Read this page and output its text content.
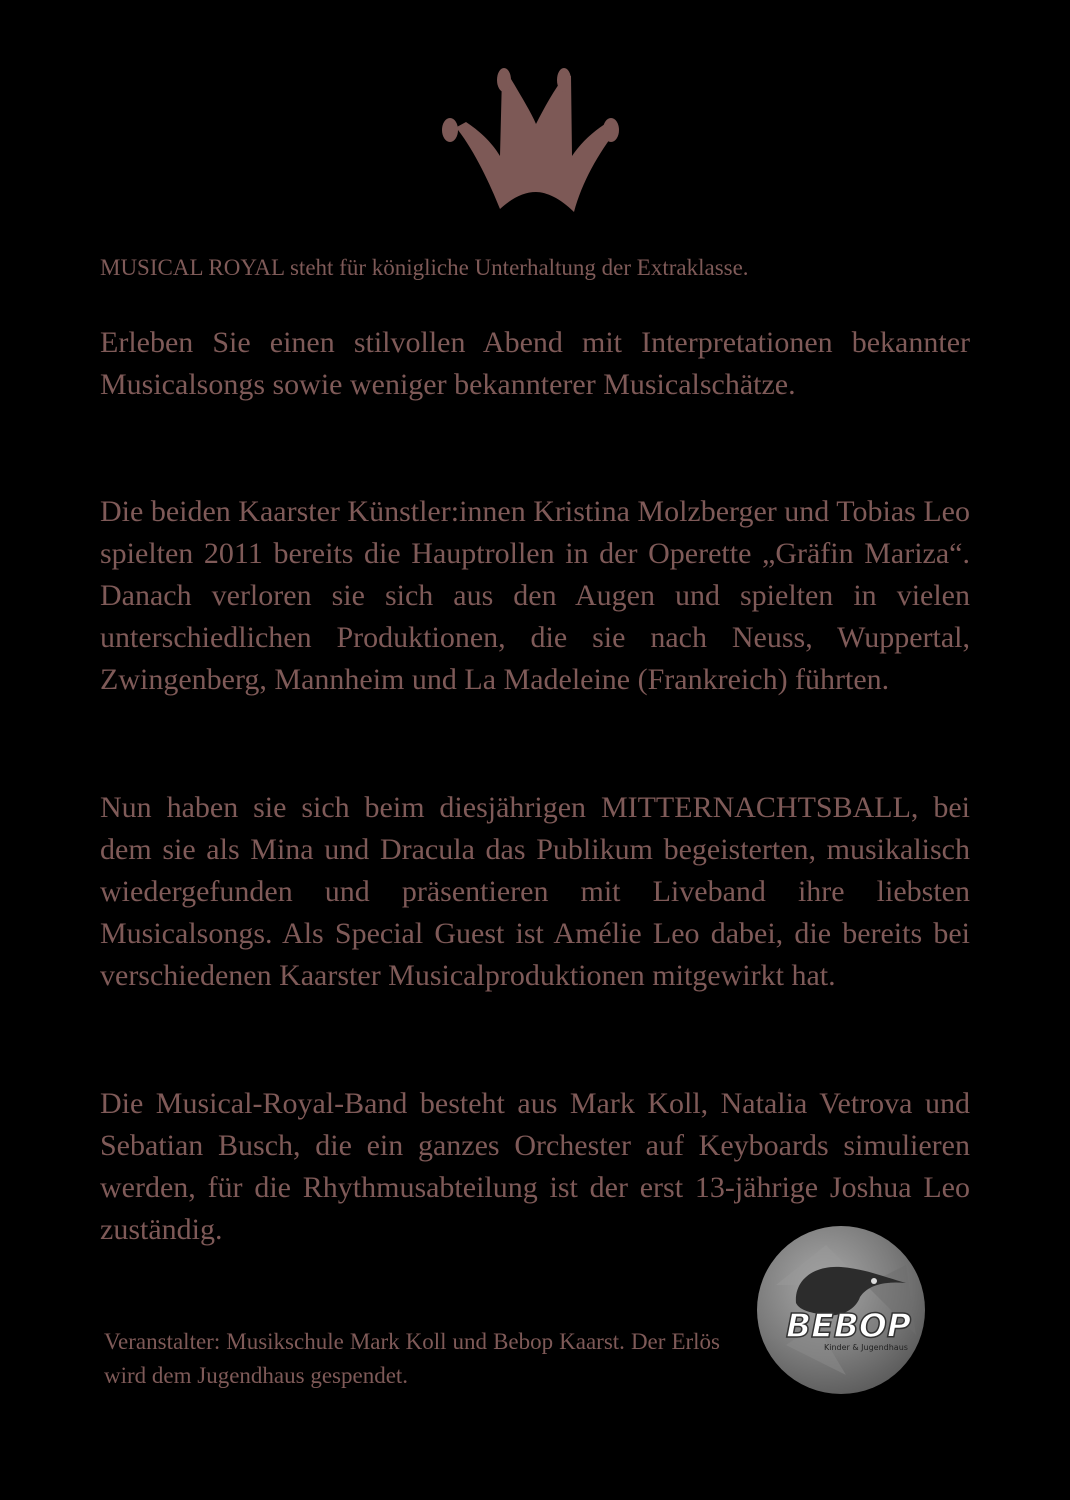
MUSICAL ROYAL steht für königliche Unterhaltung der Extraklasse.

Erleben Sie einen stilvollen Abend mit Interpretationen bekannter Musicalsongs sowie weniger bekannterer Musicalschätze.

Die beiden Kaarster Künstler:innen Kristina Molzberger und Tobias Leo spielten 2011 bereits die Hauptrollen in der Operette „Gräfin Mariza“. Danach verloren sie sich aus den Augen und spielten in vielen unterschiedlichen Produktionen, die sie nach Neuss, Wuppertal, Zwingenberg, Mannheim und La Madeleine (Frankreich) führten.

Nun haben sie sich beim diesjährigen MITTERNACHTSBALL, bei dem sie als Mina und Dracula das Publikum begeisterten, musikalisch wiedergefunden und präsentieren mit Liveband ihre liebsten Musicalsongs. Als Special Guest ist Amélie Leo dabei, die bereits bei verschiedenen Kaarster Musicalproduktionen mitgewirkt hat.

Die Musical-Royal-Band besteht aus Mark Koll, Natalia Vetrova und Sebatian Busch, die ein ganzes Orchester auf Keyboards simulieren werden, für die Rhythmusabteilung ist der erst 13-jährige Joshua Leo zuständig.

Veranstalter: Musikschule Mark Koll und Bebop Kaarst. Der Erlös wird dem Jugendhaus gespendet.

BEBOP
Kinder & Jugendhaus
